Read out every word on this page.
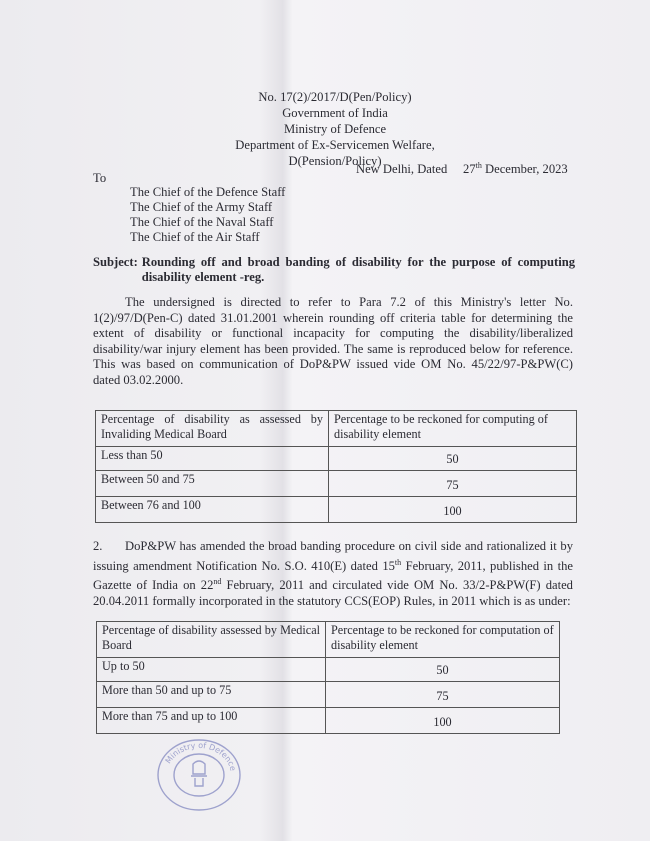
No. 17(2)/2017/D(Pen/Policy)
Government of India
Ministry of Defence
Department of Ex-Servicemen Welfare,
D(Pension/Policy)
New Delhi, Dated 27th December, 2023
To
The Chief of the Defence Staff
The Chief of the Army Staff
The Chief of the Naval Staff
The Chief of the Air Staff
Subject: Rounding off and broad banding of disability for the purpose of computing disability element -reg.

The undersigned is directed to refer to Para 7.2 of this Ministry's letter No. 1(2)/97/D(Pen-C) dated 31.01.2001 wherein rounding off criteria table for determining the extent of disability or functional incapacity for computing the disability/liberalized disability/war injury element has been provided. The same is reproduced below for reference. This was based on communication of DoP&PW issued vide OM No. 45/22/97-P&PW(C) dated 03.02.2000.

Percentage of disability as assessed by Invaliding Medical Board	Percentage to be reckoned for computing of disability element
Less than 50	50
Between 50 and 75	75
Between 76 and 100	100

2. DoP&PW has amended the broad banding procedure on civil side and rationalized it by issuing amendment Notification No. S.O. 410(E) dated 15th February, 2011, published in the Gazette of India on 22nd February, 2011 and circulated vide OM No. 33/2-P&PW(F) dated 20.04.2011 formally incorporated in the statutory CCS(EOP) Rules, in 2011 which is as under:

Percentage of disability assessed by Medical Board	Percentage to be reckoned for computation of disability element
Up to 50	50
More than 50 and up to 75	75
More than 75 and up to 100	100
Ministry of Defence
